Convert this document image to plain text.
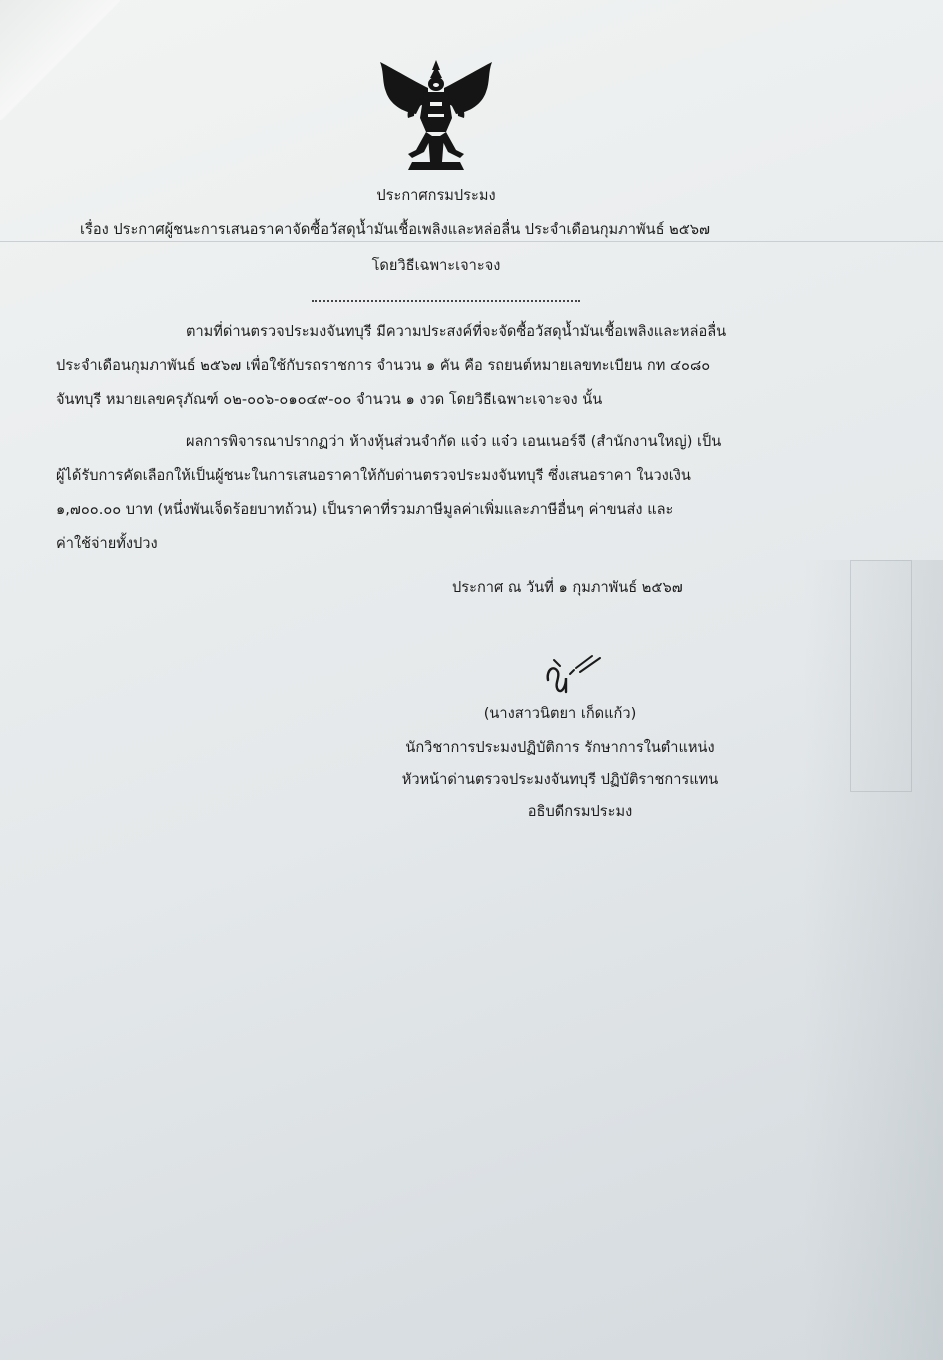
ประกาศกรมประมง
เรื่อง ประกาศผู้ชนะการเสนอราคาจัดซื้อวัสดุน้ำมันเชื้อเพลิงและหล่อลื่น ประจำเดือนกุมภาพันธ์ ๒๕๖๗
โดยวิธีเฉพาะเจาะจง
ตามที่ด่านตรวจประมงจันทบุรี มีความประสงค์ที่จะจัดซื้อวัสดุน้ำมันเชื้อเพลิงและหล่อลื่น
ประจำเดือนกุมภาพันธ์ ๒๕๖๗ เพื่อใช้กับรถราชการ จำนวน ๑ คัน คือ รถยนต์หมายเลขทะเบียน กท ๔๐๘๐
จันทบุรี หมายเลขครุภัณฑ์ ๐๒-๐๐๖-๐๑๐๔๙-๐๐ จำนวน ๑ งวด โดยวิธีเฉพาะเจาะจง นั้น
ผลการพิจารณาปรากฏว่า ห้างหุ้นส่วนจำกัด แจ๋ว แจ๋ว เอนเนอร์จี (สำนักงานใหญ่) เป็น
ผู้ได้รับการคัดเลือกให้เป็นผู้ชนะในการเสนอราคาให้กับด่านตรวจประมงจันทบุรี ซึ่งเสนอราคา ในวงเงิน
๑,๗๐๐.๐๐ บาท (หนึ่งพันเจ็ดร้อยบาทถ้วน) เป็นราคาที่รวมภาษีมูลค่าเพิ่มและภาษีอื่นๆ ค่าขนส่ง และ
ค่าใช้จ่ายทั้งปวง
ประกาศ ณ วันที่ ๑ กุมภาพันธ์ ๒๕๖๗
(นางสาวนิตยา เก็ดแก้ว)
นักวิชาการประมงปฏิบัติการ รักษาการในตำแหน่ง
หัวหน้าด่านตรวจประมงจันทบุรี ปฏิบัติราชการแทน
อธิบดีกรมประมง
